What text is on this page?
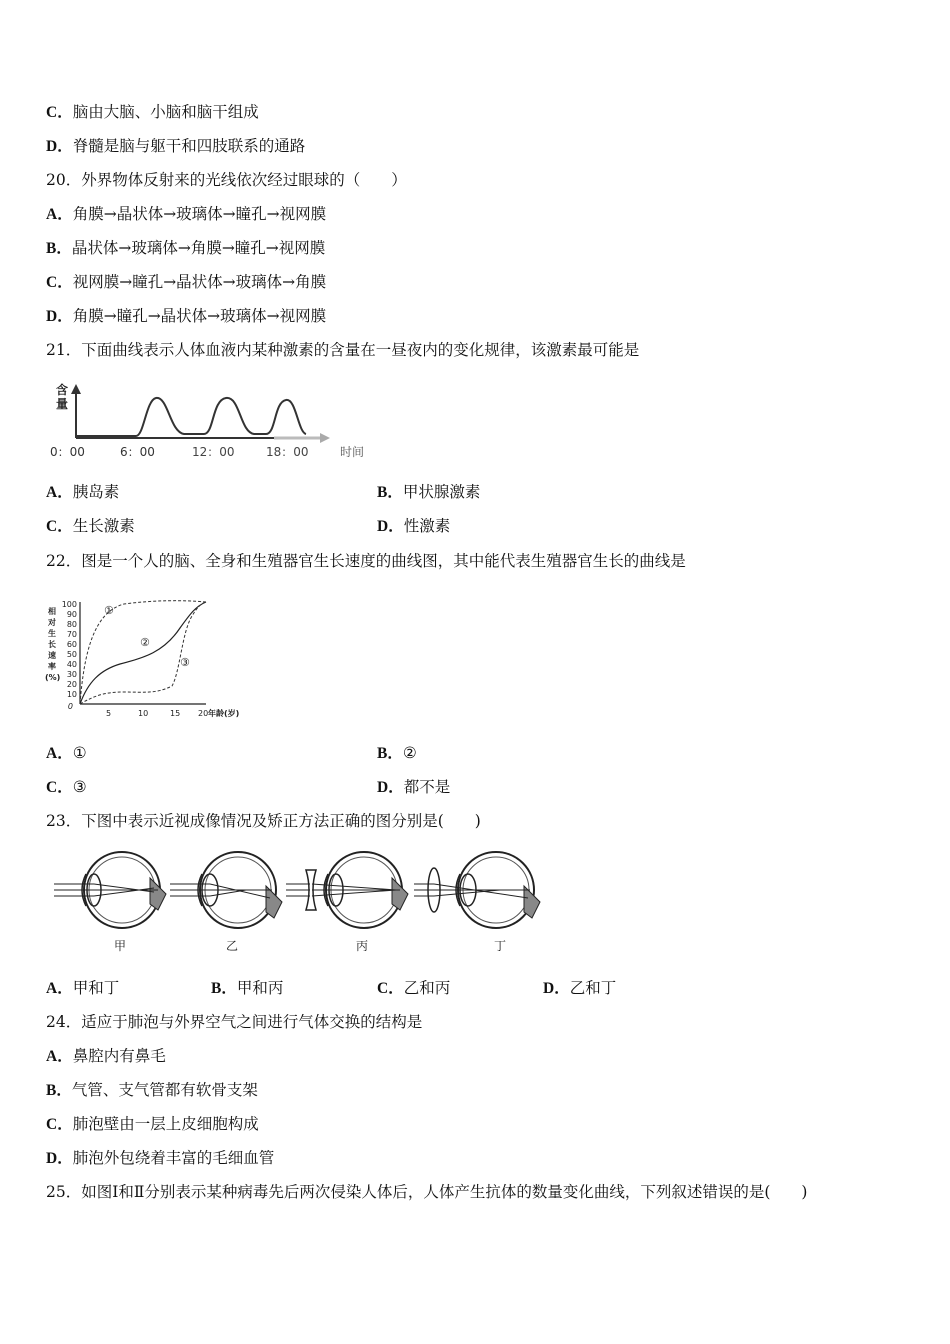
C．脑由大脑、小脑和脑干组成
D．脊髓是脑与躯干和四肢联系的通路
20．外界物体反射来的光线依次经过眼球的（　　）
A．角膜→晶状体→玻璃体→瞳孔→视网膜
B．晶状体→玻璃体→角膜→瞳孔→视网膜
C．视网膜→瞳孔→晶状体→玻璃体→角膜
D．角膜→瞳孔→晶状体→玻璃体→视网膜
21．下面曲线表示人体血液内某种激素的含量在一昼夜内的变化规律，该激素最可能是
含
量
0：00	6：00	12：00	18：00	时间
A．胰岛素	B．甲状腺激素
C．生长激素	D．性激素
22．图是一个人的脑、全身和生殖器官生长速度的曲线图，其中能代表生殖器官生长的曲线是
相
对
生
长
速
率
(%)
100
90
80
70
60
50
40
30
20
10
0
①
②
③
5	10	15 20 年龄(岁)
A．①	B．②
C．③	D．都不是
23．下图中表示近视成像情况及矫正方法正确的图分别是(　　)
甲	乙	丙	丁
A．甲和丁	B．甲和丙	C．乙和丙	D．乙和丁
24．适应于肺泡与外界空气之间进行气体交换的结构是
A．鼻腔内有鼻毛
B．气管、支气管都有软骨支架
C．肺泡壁由一层上皮细胞构成
D．肺泡外包绕着丰富的毛细血管
25．如图Ⅰ和Ⅱ分别表示某种病毒先后两次侵染人体后，人体产生抗体的数量变化曲线，下列叙述错误的是(　　)
